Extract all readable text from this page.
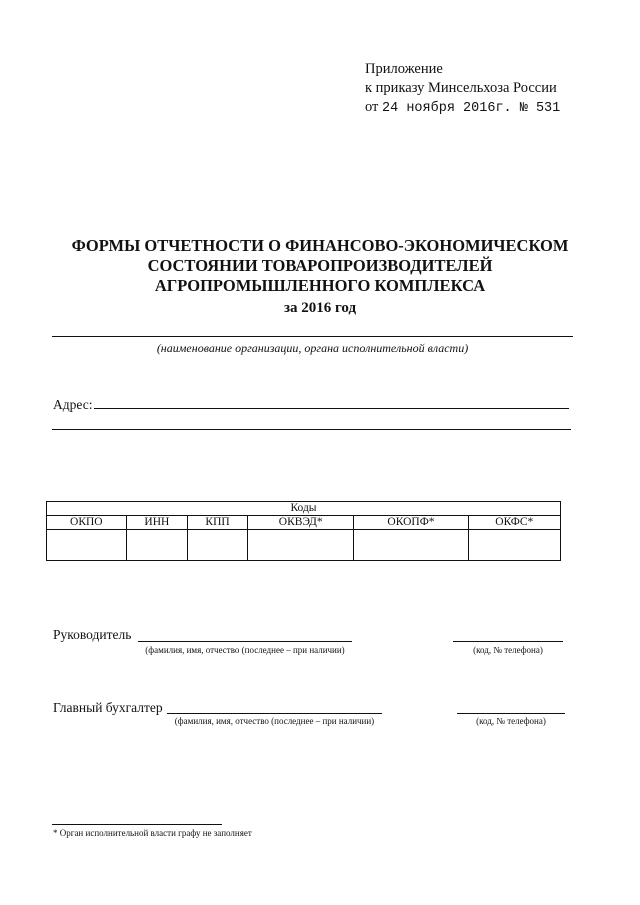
Приложение
к приказу Минсельхоза России
от 24 ноября 2016г. № 531
ФОРМЫ ОТЧЕТНОСТИ О ФИНАНСОВО-ЭКОНОМИЧЕСКОМ
СОСТОЯНИИ ТОВАРОПРОИЗВОДИТЕЛЕЙ
АГРОПРОМЫШЛЕННОГО КОМПЛЕКСА
за 2016 год
(наименование организации, органа исполнительной власти)
Адрес:
Коды					
ОКПО	ИНН	КПП	ОКВЭД*	ОКОПФ*	ОКФС*

Руководитель
(фамилия, имя, отчество (последнее – при наличии)	(код, № телефона)
Главный бухгалтер
(фамилия, имя, отчество (последнее – при наличии)	(код, № телефона)
* Орган исполнительной власти графу не заполняет
